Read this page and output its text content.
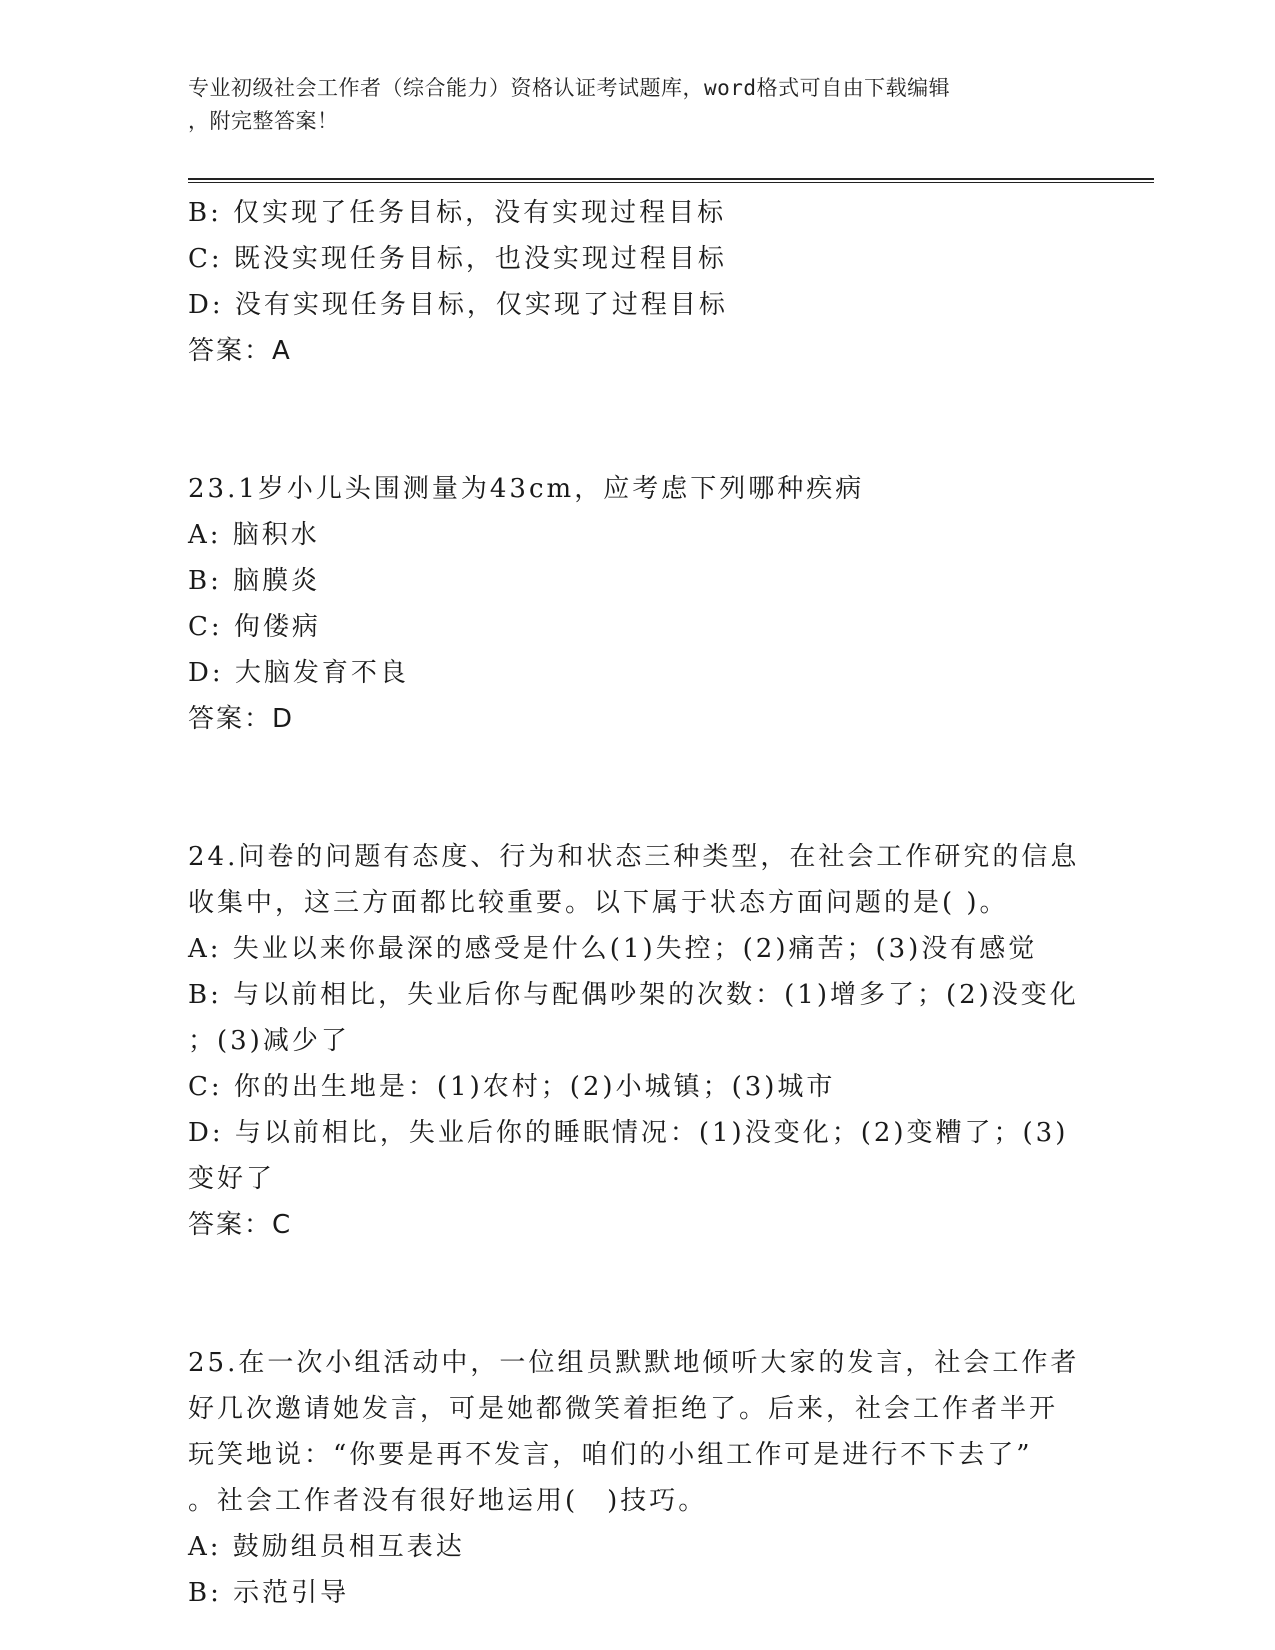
专业初级社会工作者（综合能力）资格认证考试题库，word格式可自由下载编辑
，附完整答案！
B: 仅实现了任务目标，没有实现过程目标
C: 既没实现任务目标，也没实现过程目标
D: 没有实现任务目标，仅实现了过程目标
答案：A
23.1岁小儿头围测量为43cm，应考虑下列哪种疾病
A: 脑积水
B: 脑膜炎
C: 佝偻病
D: 大脑发育不良
答案：D
24.问卷的问题有态度、行为和状态三种类型，在社会工作研究的信息
收集中，这三方面都比较重要。以下属于状态方面问题的是( )。
A: 失业以来你最深的感受是什么(1)失控；(2)痛苦；(3)没有感觉
B: 与以前相比，失业后你与配偶吵架的次数：(1)增多了；(2)没变化
；(3)减少了
C: 你的出生地是：(1)农村；(2)小城镇；(3)城市
D: 与以前相比，失业后你的睡眠情况：(1)没变化；(2)变糟了；(3)
变好了
答案：C
25.在一次小组活动中，一位组员默默地倾听大家的发言，社会工作者
好几次邀请她发言，可是她都微笑着拒绝了。后来，社会工作者半开
玩笑地说：“你要是再不发言，咱们的小组工作可是进行不下去了”
。社会工作者没有很好地运用(　)技巧。
A: 鼓励组员相互表达
B: 示范引导
